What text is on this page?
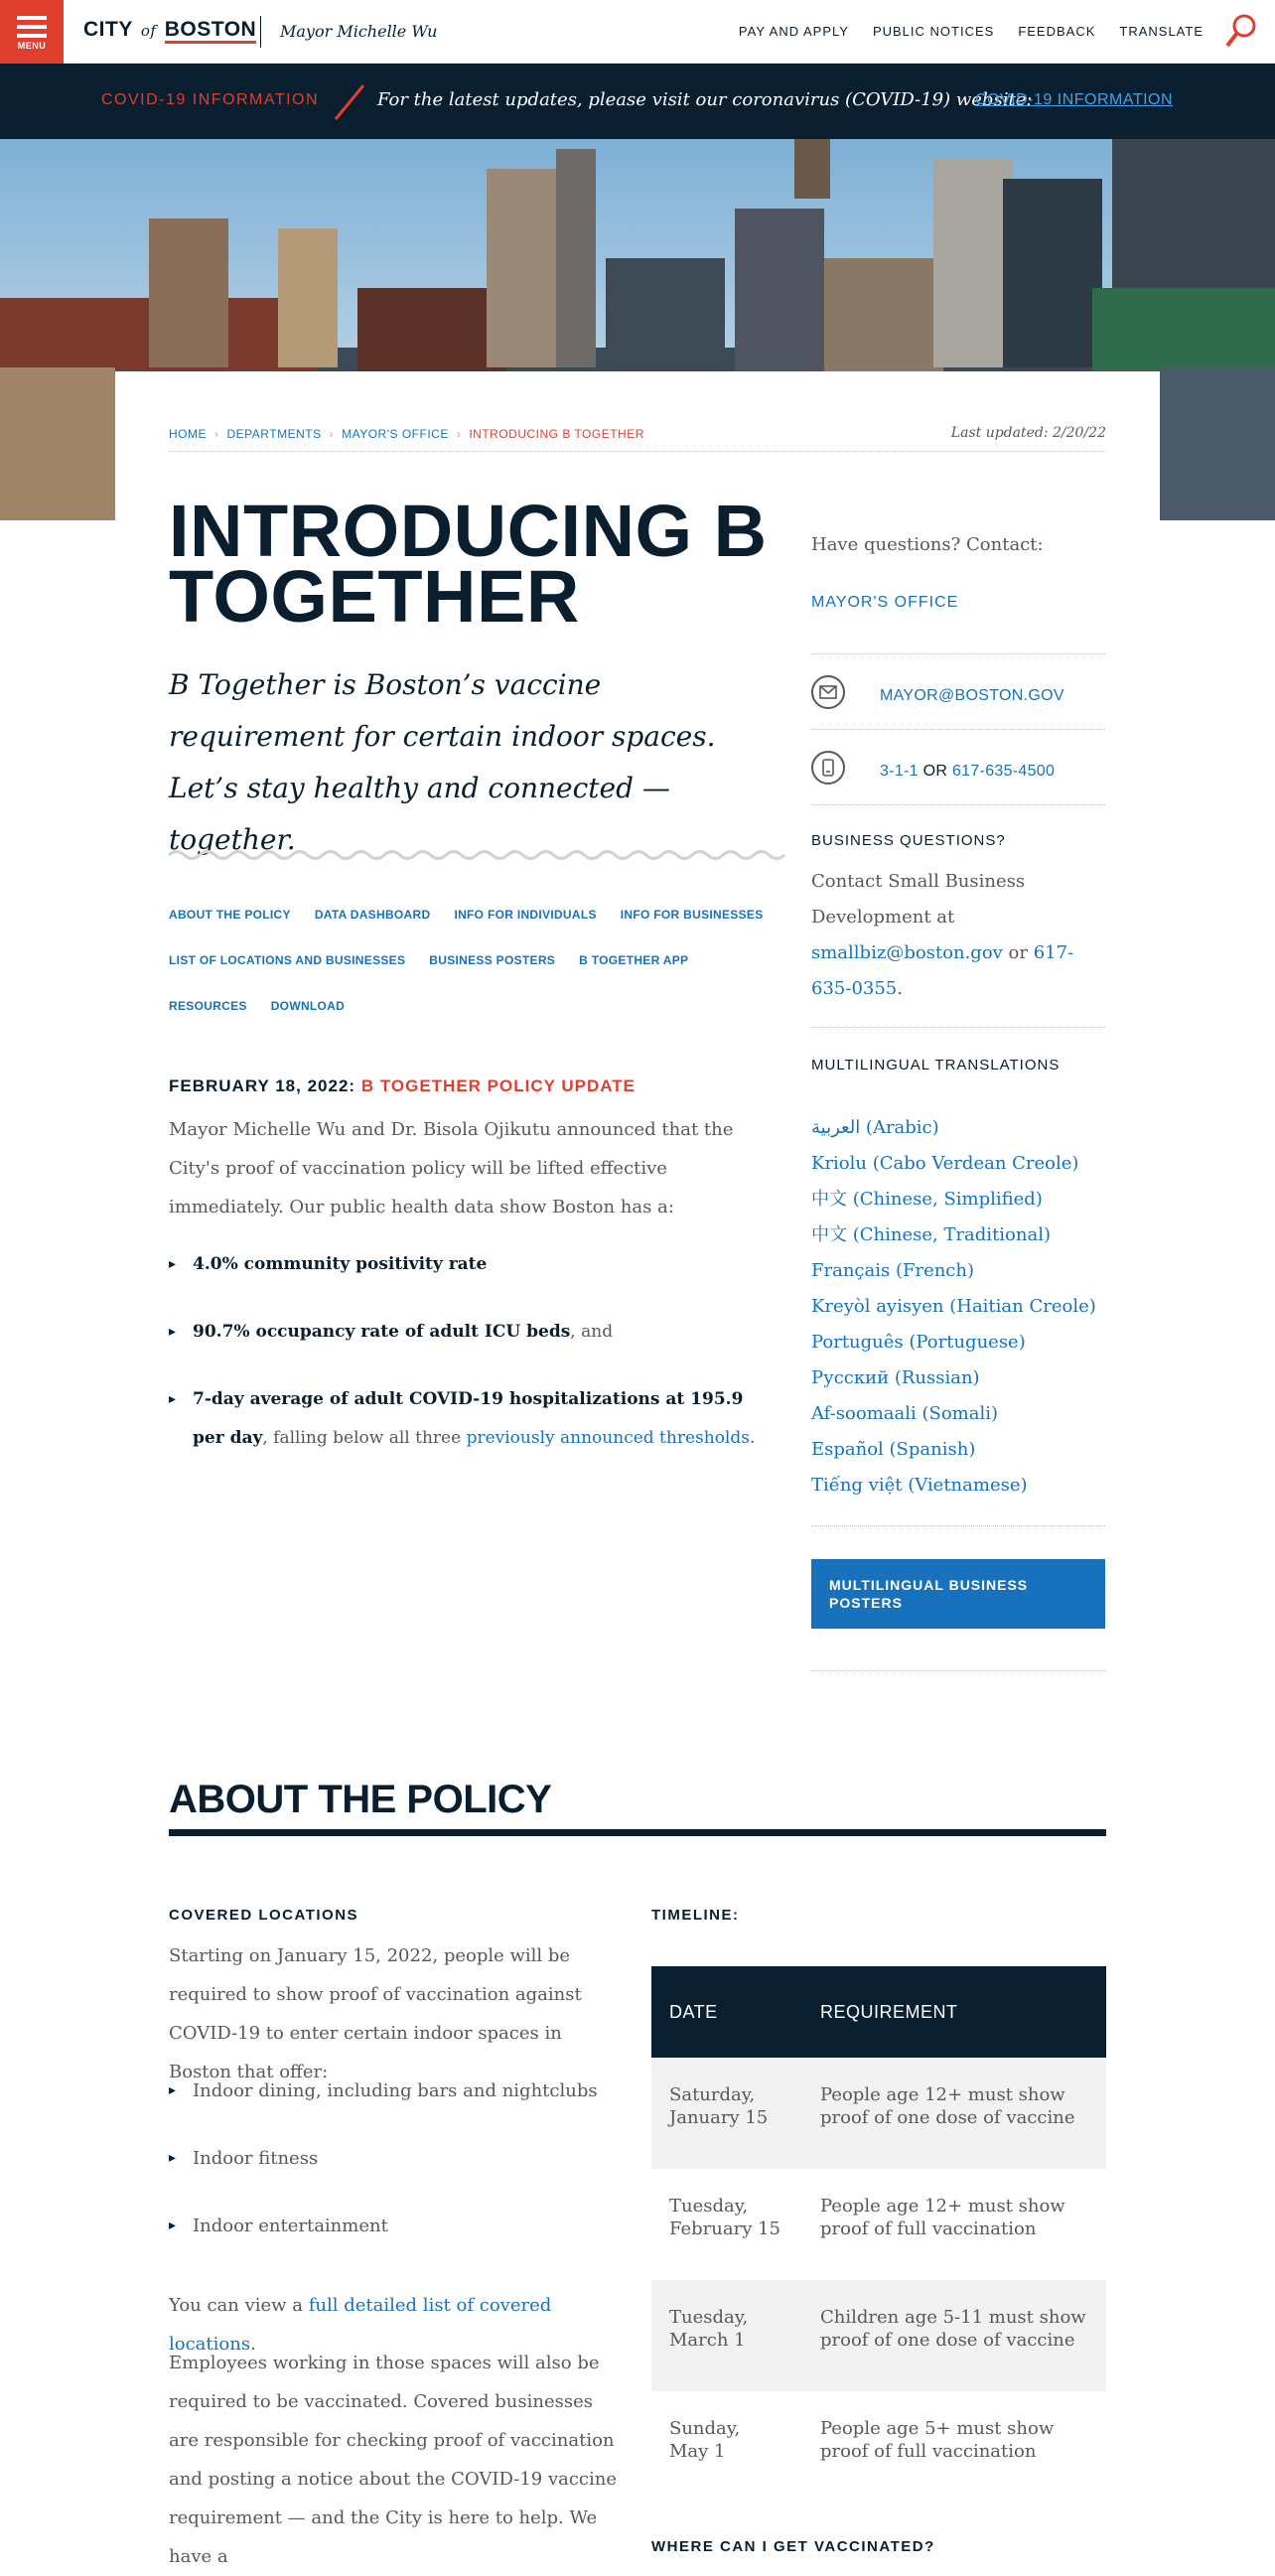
MENU
CITY of BOSTON Mayor Michelle Wu	PAY AND APPLY PUBLIC NOTICES FEEDBACK TRANSLATE
COVID-19 INFORMATION	For the latest updates, please visit our coronavirus (COVID-19) website:
COVID-19 INFORMATION
HOME › DEPARTMENTS › MAYOR'S OFFICE › INTRODUCING B TOGETHER	Last updated: 2/20/22
INTRODUCING B TOGETHER

B Together is Boston’s vaccine requirement for certain indoor spaces. Let’s stay healthy and connected — together.

ABOUT THE POLICY DATA DASHBOARD INFO FOR INDIVIDUALS INFO FOR BUSINESSES
LIST OF LOCATIONS AND BUSINESSES BUSINESS POSTERS B TOGETHER APP
RESOURCES DOWNLOAD
FEBRUARY 18, 2022: B TOGETHER POLICY UPDATE

Mayor Michelle Wu and Dr. Bisola Ojikutu announced that the City's proof of vaccination policy will be lifted effective immediately. Our public health data show Boston has a:

▸ 4.0% community positivity rate
▸ 90.7% occupancy rate of adult ICU beds, and
▸ 7-day average of adult COVID-19 hospitalizations at 195.9 per day, falling below all three previously announced thresholds.
Have questions? Contact:
MAYOR'S OFFICE
MAYOR@BOSTON.GOV
3-1-1 OR 617-635-4500
BUSINESS QUESTIONS?
Contact Small Business Development at smallbiz@boston.gov or 617-635-0355.
MULTILINGUAL TRANSLATIONS
العربية (Arabic)
Kriolu (Cabo Verdean Creole)
中文 (Chinese, Simplified)
中文 (Chinese, Traditional)
Français (French)
Kreyòl ayisyen (Haitian Creole)
Português (Portuguese)
Русский (Russian)
Af-soomaali (Somali)
Español (Spanish)
Tiếng việt (Vietnamese)
MULTILINGUAL BUSINESS POSTERS
ABOUT THE POLICY
COVERED LOCATIONS

Starting on January 15, 2022, people will be required to show proof of vaccination against COVID-19 to enter certain indoor spaces in Boston that offer:

▸ Indoor dining, including bars and nightclubs
▸ Indoor fitness
▸ Indoor entertainment

You can view a full detailed list of covered locations.

Employees working in those spaces will also be required to be vaccinated. Covered businesses are responsible for checking proof of vaccination and posting a notice about the COVID-19 vaccine requirement — and the City is here to help. We have a

TIMELINE:
DATE	REQUIREMENT
Saturday, January 15	People age 12+ must show proof of one dose of vaccine
Tuesday, February 15	People age 12+ must show proof of full vaccination
Tuesday, March 1	Children age 5-11 must show proof of one dose of vaccine
Sunday, May 1	People age 5+ must show proof of full vaccination
WHERE CAN I GET VACCINATED?
